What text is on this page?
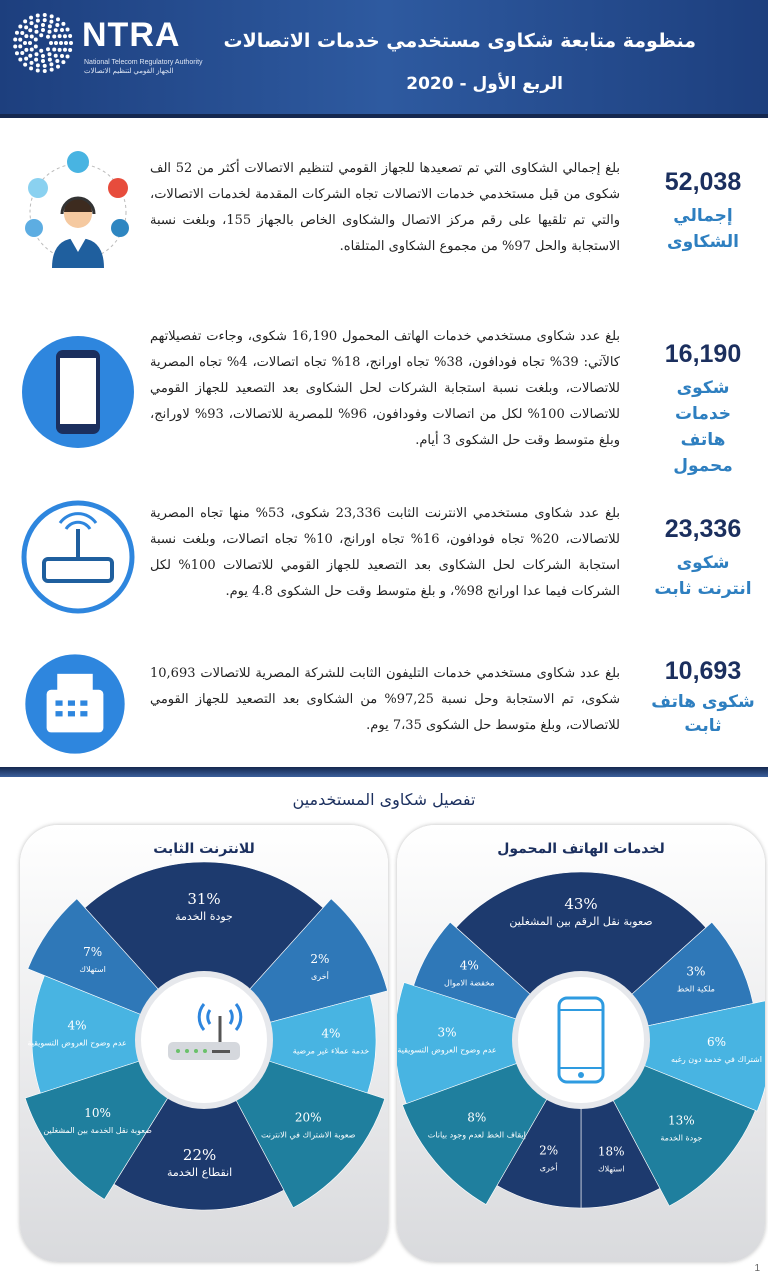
NTRA
National Telecom Regulatory Authority
الجهاز القومي لتنظيم الاتصالات
منظومة متابعة شكاوى مستخدمي خدمات الاتصالات
الربع الأول - 2020
52,038
إجمالي الشكاوى
بلغ إجمالي الشكاوى التي تم تصعيدها للجهاز القومي لتنظيم الاتصالات أكثر من 52 الف شكوى من قبل مستخدمي خدمات الاتصالات تجاه الشركات المقدمة لخدمات الاتصالات، والتي تم تلقيها على رقم مركز الاتصال والشكاوى الخاص بالجهاز 155، وبلغت نسبة الاستجابة والحل 97% من مجموع الشكاوى المتلقاه.
16,190
شكوى خدمات هاتف محمول
بلغ عدد شكاوى مستخدمي خدمات الهاتف المحمول 16,190 شكوى، وجاءت تفصيلاتهم كالآتي: 39% تجاه فودافون، 38% تجاه اورانج، 18% تجاه اتصالات، 4% تجاه المصرية للاتصالات، وبلغت نسبة استجابة الشركات لحل الشكاوى بعد التصعيد للجهاز القومي للاتصالات 100% لكل من اتصالات وفودافون، 96% للمصرية للاتصالات، 93% لاورانج، وبلغ متوسط وقت حل الشكوى 3 أيام.
23,336
شكوى انترنت ثابت
بلغ عدد شكاوى مستخدمي الانترنت الثابت 23,336 شكوى، 53% منها تجاه المصرية للاتصالات، 20% تجاه فودافون، 16% تجاه اورانج، 10% تجاه اتصالات، وبلغت نسبة استجابة الشركات لحل الشكاوى بعد التصعيد للجهاز القومي للاتصالات 100% لكل الشركات فيما عدا اورانج 98%، و بلغ متوسط وقت حل الشكوى 4.8 يوم.
10,693
شكوى هاتف ثابت
بلغ عدد شكاوى مستخدمي خدمات التليفون الثابت للشركة المصرية للاتصالات 10,693 شكوى، تم الاستجابة وحل نسبة 97,25% من الشكاوى بعد التصعيد للجهاز القومي للاتصالات، وبلغ متوسط حل الشكوى 7،35 يوم.
تفصيل شكاوى المستخدمين
31%
جودة الخدمة
2%
أخرى
4%
خدمة عملاء غير مرضية
20%
صعوبة الاشتراك في الانترنت
22%
انقطاع الخدمة
10%
صعوبة نقل الخدمة بين المشغلين
4%
عدم وضوح العروض التسويقية
7%
استهلاك
للانترنت الثابت
43%
صعوبة نقل الرقم بين المشغلين
3%
ملكية الخط
6%
اشتراك في خدمة دون رغبه
13%
جودة الخدمة
18%
استهلاك
2%
أخرى
8%
إيقاف الخط لعدم وجود بيانات
3%
عدم وضوح العروض التسويقية
4%
مخفضة الاموال
لخدمات الهاتف المحمول
1
